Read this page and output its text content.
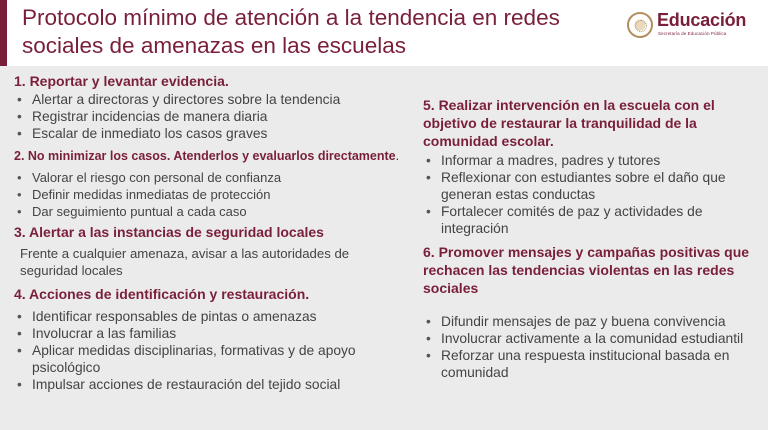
Protocolo mínimo de atención a la tendencia en redes sociales de amenazas en las escuelas
Educación
Secretaría de Educación Pública

1. Reportar y levantar evidencia.

• Alertar a directoras y directores sobre la tendencia
• Registrar incidencias de manera diaria
• Escalar de inmediato los casos graves

2. No minimizar los casos. Atenderlos y evaluarlos directamente.

• Valorar el riesgo con personal de confianza
• Definir medidas inmediatas de protección
• Dar seguimiento puntual a cada caso

3. Alertar a las instancias de seguridad locales

Frente a cualquier amenaza, avisar a las autoridades de seguridad locales

4. Acciones de identificación y restauración.

• Identificar responsables de pintas o amenazas
• Involucrar a las familias
• Aplicar medidas disciplinarias, formativas y de apoyo psicológico
• Impulsar acciones de restauración del tejido social

5. Realizar intervención en la escuela con el objetivo de restaurar la tranquilidad de la comunidad escolar.

• Informar a madres, padres y tutores
• Reflexionar con estudiantes sobre el daño que generan estas conductas
• Fortalecer comités de paz y actividades de integración

6. Promover mensajes y campañas positivas que rechacen las tendencias violentas en las redes sociales

• Difundir mensajes de paz y buena convivencia
• Involucrar activamente a la comunidad estudiantil
• Reforzar una respuesta institucional basada en comunidad
